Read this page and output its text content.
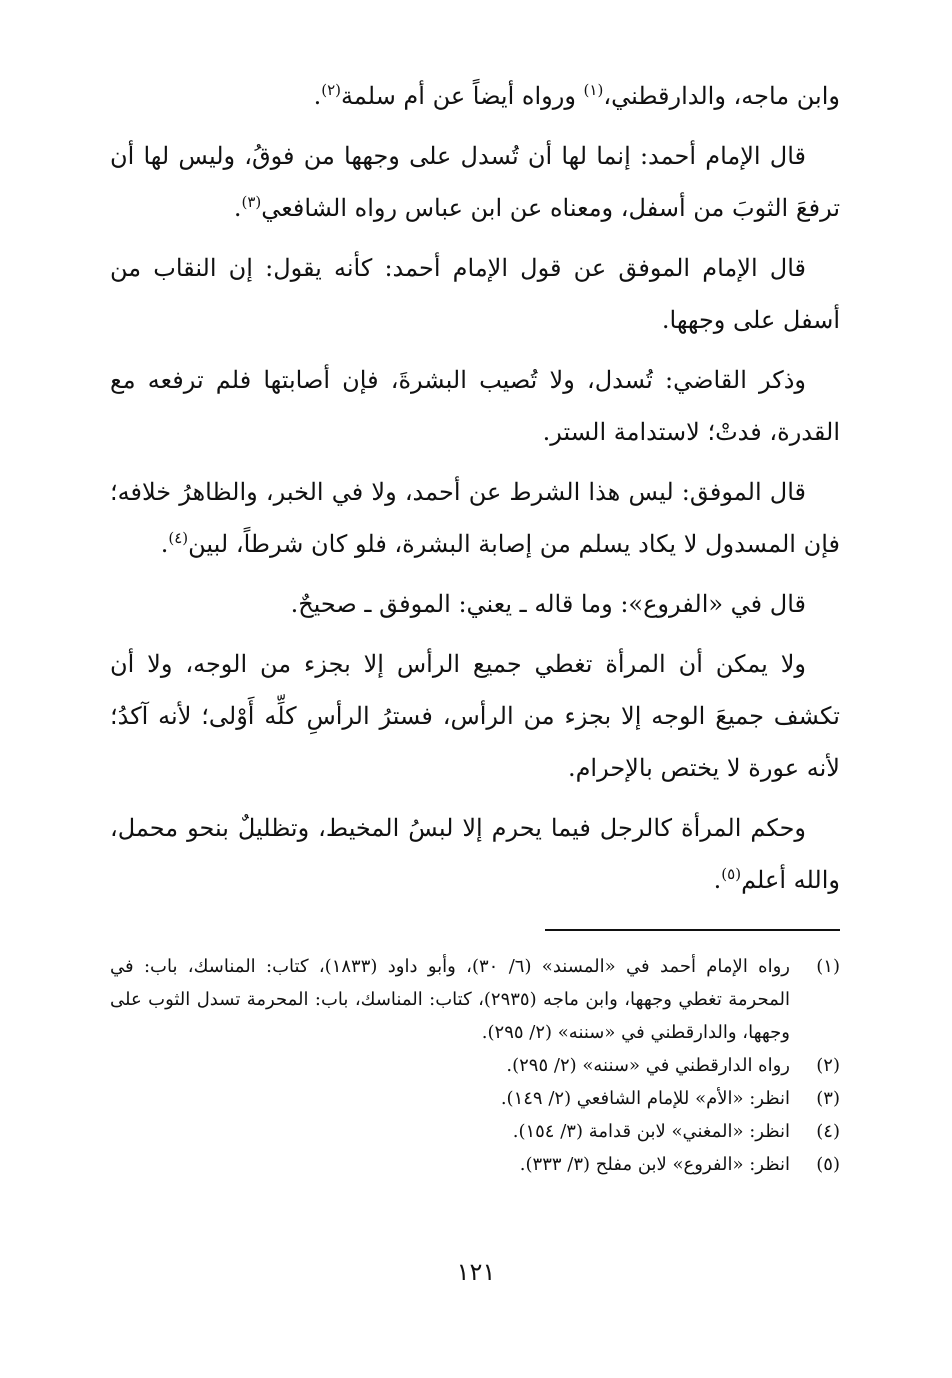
وابن ماجه، والدارقطني،$^{(١)}$ ورواه أيضاً عن أم سلمة$^{(٢)}$.

قال الإمام أحمد: إنما لها أن تُسدل على وجهها من فوقُ، وليس لها أن ترفعَ الثوبَ من أسفل، ومعناه عن ابن عباس رواه الشافعي$^{(٣)}$.

قال الإمام الموفق عن قول الإمام أحمد: كأنه يقول: إن النقاب من أسفل على وجهها.

وذكر القاضي: تُسدل، ولا تُصيب البشرةَ، فإن أصابتها فلم ترفعه مع القدرة، فدتْ؛ لاستدامة الستر.

قال الموفق: ليس هذا الشرط عن أحمد، ولا في الخبر، والظاهرُ خلافه؛ فإن المسدول لا يكاد يسلم من إصابة البشرة، فلو كان شرطاً، لبين$^{(٤)}$.

قال في «الفروع»: وما قاله ـ يعني: الموفق ـ صحيحٌ.

ولا يمكن أن المرأة تغطي جميع الرأس إلا بجزء من الوجه، ولا أن تكشف جميعَ الوجه إلا بجزء من الرأس، فسترُ الرأسِ كلِّه أَوْلى؛ لأنه آكدُ؛ لأنه عورة لا يختص بالإحرام.

وحكم المرأة كالرجل فيما يحرم إلا لبسُ المخيط، وتظليلٌ بنحو محمل، والله أعلم$^{(٥)}$.

(١)
رواه الإمام أحمد في «المسند» (٦/ ٣٠)، وأبو داود (١٨٣٣)، كتاب: المناسك، باب: في المحرمة تغطي وجهها، وابن ماجه (٢٩٣٥)، كتاب: المناسك، باب: المحرمة تسدل الثوب على وجهها، والدارقطني في «سننه» (٢/ ٢٩٥).
(٢)
رواه الدارقطني في «سننه» (٢/ ٢٩٥).
(٣)
انظر: «الأم» للإمام الشافعي (٢/ ١٤٩).
(٤)
انظر: «المغني» لابن قدامة (٣/ ١٥٤).
(٥)
انظر: «الفروع» لابن مفلح (٣/ ٣٣٣).
١٢١
